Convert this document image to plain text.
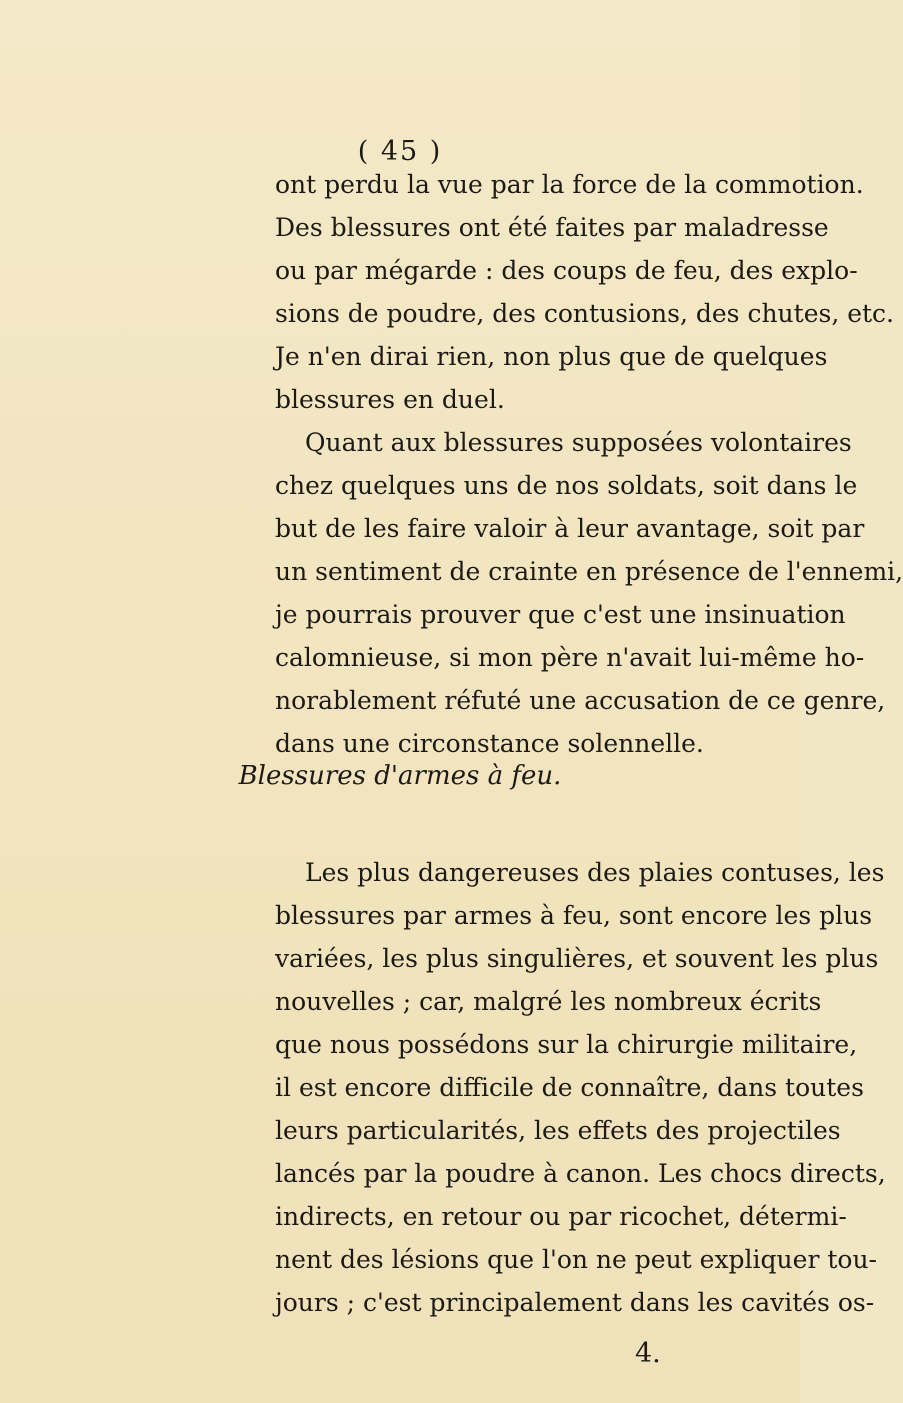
( 45 )
ont perdu la vue par la force de la commotion.
Des blessures ont été faites par maladresse
ou par mégarde : des coups de feu, des explo-
sions de poudre, des contusions, des chutes, etc.
Je n'en dirai rien, non plus que de quelques
blessures en duel.
Quant aux blessures supposées volontaires
chez quelques uns de nos soldats, soit dans le
but de les faire valoir à leur avantage, soit par
un sentiment de crainte en présence de l'ennemi,
je pourrais prouver que c'est une insinuation
calomnieuse, si mon père n'avait lui-même ho-
norablement réfuté une accusation de ce genre,
dans une circonstance solennelle.
Blessures d'armes à feu.
Les plus dangereuses des plaies contuses, les
blessures par armes à feu, sont encore les plus
variées, les plus singulières, et souvent les plus
nouvelles ; car, malgré les nombreux écrits
que nous possédons sur la chirurgie militaire,
il est encore difficile de connaître, dans toutes
leurs particularités, les effets des projectiles
lancés par la poudre à canon. Les chocs directs,
indirects, en retour ou par ricochet, détermi-
nent des lésions que l'on ne peut expliquer tou-
jours ; c'est principalement dans les cavités os-
4.
